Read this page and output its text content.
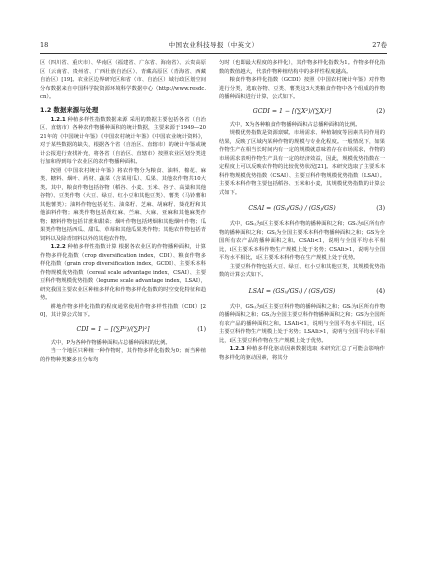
18	中国农业科技导报（中英文）	27卷

区（四川省、重庆市）、华南区（福建省、广东省、海南省）、云贵高原区（云南省、贵州省、广西壮族自治区）、青藏高原区（青海省、西藏自治区）[19]。农业区边界研究区和省（市、自治区）域行政区划空间分布数据来自中国科学院资源环境科学数据中心（http://www.resdc.cn）。

1.2 数据来源与处理

1.2.1 种植多样性指数数据来源 采用的数据主要包括各省（自治区、直辖市）各种农作物播种面积的统计数据，主要来源于1949—2021年的《中国统计年鉴》《中国农村统计年鉴》《中国农业统计资料》，对于某些数据的缺失，根据各个省（自治区、直辖市）的统计年鉴或统计公报进行查找补充，将各省（自治区、直辖市）按照农业区划分类进行加和得到每个农业区的农作物播种面积。

按照《中国农村统计年鉴》将农作物分为粮食、油料、棉花、麻类、糖料、烟叶、药材、蔬菜（含菜用瓜）、瓜果、其他农作物共10大类。其中，粮食作物包括谷物（稻谷、小麦、玉米、谷子、高粱和其他谷物）、豆类作物（大豆、绿豆、红小豆和其他豆类）、薯类（马铃薯和其他薯类）；油料作物包括花生、油菜籽、芝麻、胡麻籽、葵花籽和其他油料作物；麻类作物包括黄红麻、苎麻、大麻、亚麻和其他麻类作物；糖料作物包括甘蔗和甜菜；烟叶作物包括烤烟和其他烟叶作物；瓜果类作物包括西瓜、甜瓜、草莓和其他瓜果类作物；其他农作物包括青饲料以及除青饲料以外的其他农作物。

1.2.2 种植多样性指数计算 根据各农业区的作物播种面积，计算作物多样化指数（crop diversification index，CDI）、粮食作物多样化指数（grain crop diversification index，GCDI）、主要禾本科作物规模优势指数（cereal scale advantage index，CSAI）、主要豆科作物规模优势指数（legume scale advantage index，LSAI），研究我国主要农业区种植多样化和作物多样化指数的时空变化特征和趋势。

耕地作物多样化指数的程度通常使用作物多样性指数（CDI）[20]，其计算公式如下。

CDI = 1 − [(∑P²)/(∑P)²]	(1)

式中，P为各种作物播种面积占总播种面积的比例。

当一个地区只种植一种作物时，其作物多样化指数为0；而当种植的作物种类繁多且分布均

匀时（也即最大程度的多样化），其作物多样化指数为1。作物多样化指数的数值越大，代表作物种植结构中的多样性程度越高。

粮食作物多样化指数（GCDI）按照《中国农村统计年鉴》对作物进行分类，选取谷物、豆类、薯类这3大类粮食作物中各个组成的作物的播种面积进行计算，公式如下。

GCDI = 1 − [(∑X²)/(∑X)²]	(2)

式中，X为各种粮食作物播种面积占总播种面积的比例。

规模优势指数是资源禀赋、市场需求、种植制度等因素共同作用的结果，反映了区域内某种作物的规模与专业化程度。一般情况下，如果作物生产在相当长时间内有一定的规模就意味着存在市场需求，作物的市场需求表明作物生产具有一定的经济效益，因此，规模优势指数在一定程度上可以反映农作物的比较优势状况[21]。本研究选取了主要禾本科作物规模优势指数（CSAI）、主要豆科作物规模优势指数（LSAI）。主要禾本科作物主要包括稻谷、玉米和小麦，其规模优势指数的计算公式如下。

CSAI = (GSᵢⱼ/GSᵢ) / (GSⱼ/GS)	(3)

式中，GSᵢⱼ为i区主要禾本科作物的播种面积之和；GSᵢ为i区所有作物的播种面积之和；GSⱼ为全国主要禾本科作物播种面积之和；GS为全国所有农产品的播种面积之和。CSAIi<1，说明与全国平均水平相比，i区主要禾本科作物生产规模上处于劣势；CSAIi>1，说明与全国平均水平相比，i区主要禾本科作物在生产规模上处于优势。

主要豆科作物包括大豆、绿豆、红小豆和其他豆类，其规模优势指数的计算公式如下。

LSAI = (GSᵢⱼ/GSᵢ) / (GSⱼ/GS)	(4)

式中，GSᵢⱼ为i区主要豆科作物的播种面积之和；GSᵢ为i区所有作物的播种面积之和；GSⱼ为全国主要豆科作物播种面积之和；GS为全国所有农产品的播种面积之和。LSAIi<1，说明与全国平均水平相比，i区主要豆科作物生产规模上处于劣势；LSAIi>1，说明与全国平均水平相比，i区主要豆科作物在生产规模上处于优势。

1.2.3 种植多样化驱动因素数据选取 本研究汇总了可能会影响作物多样化的驱动因素，将其分
